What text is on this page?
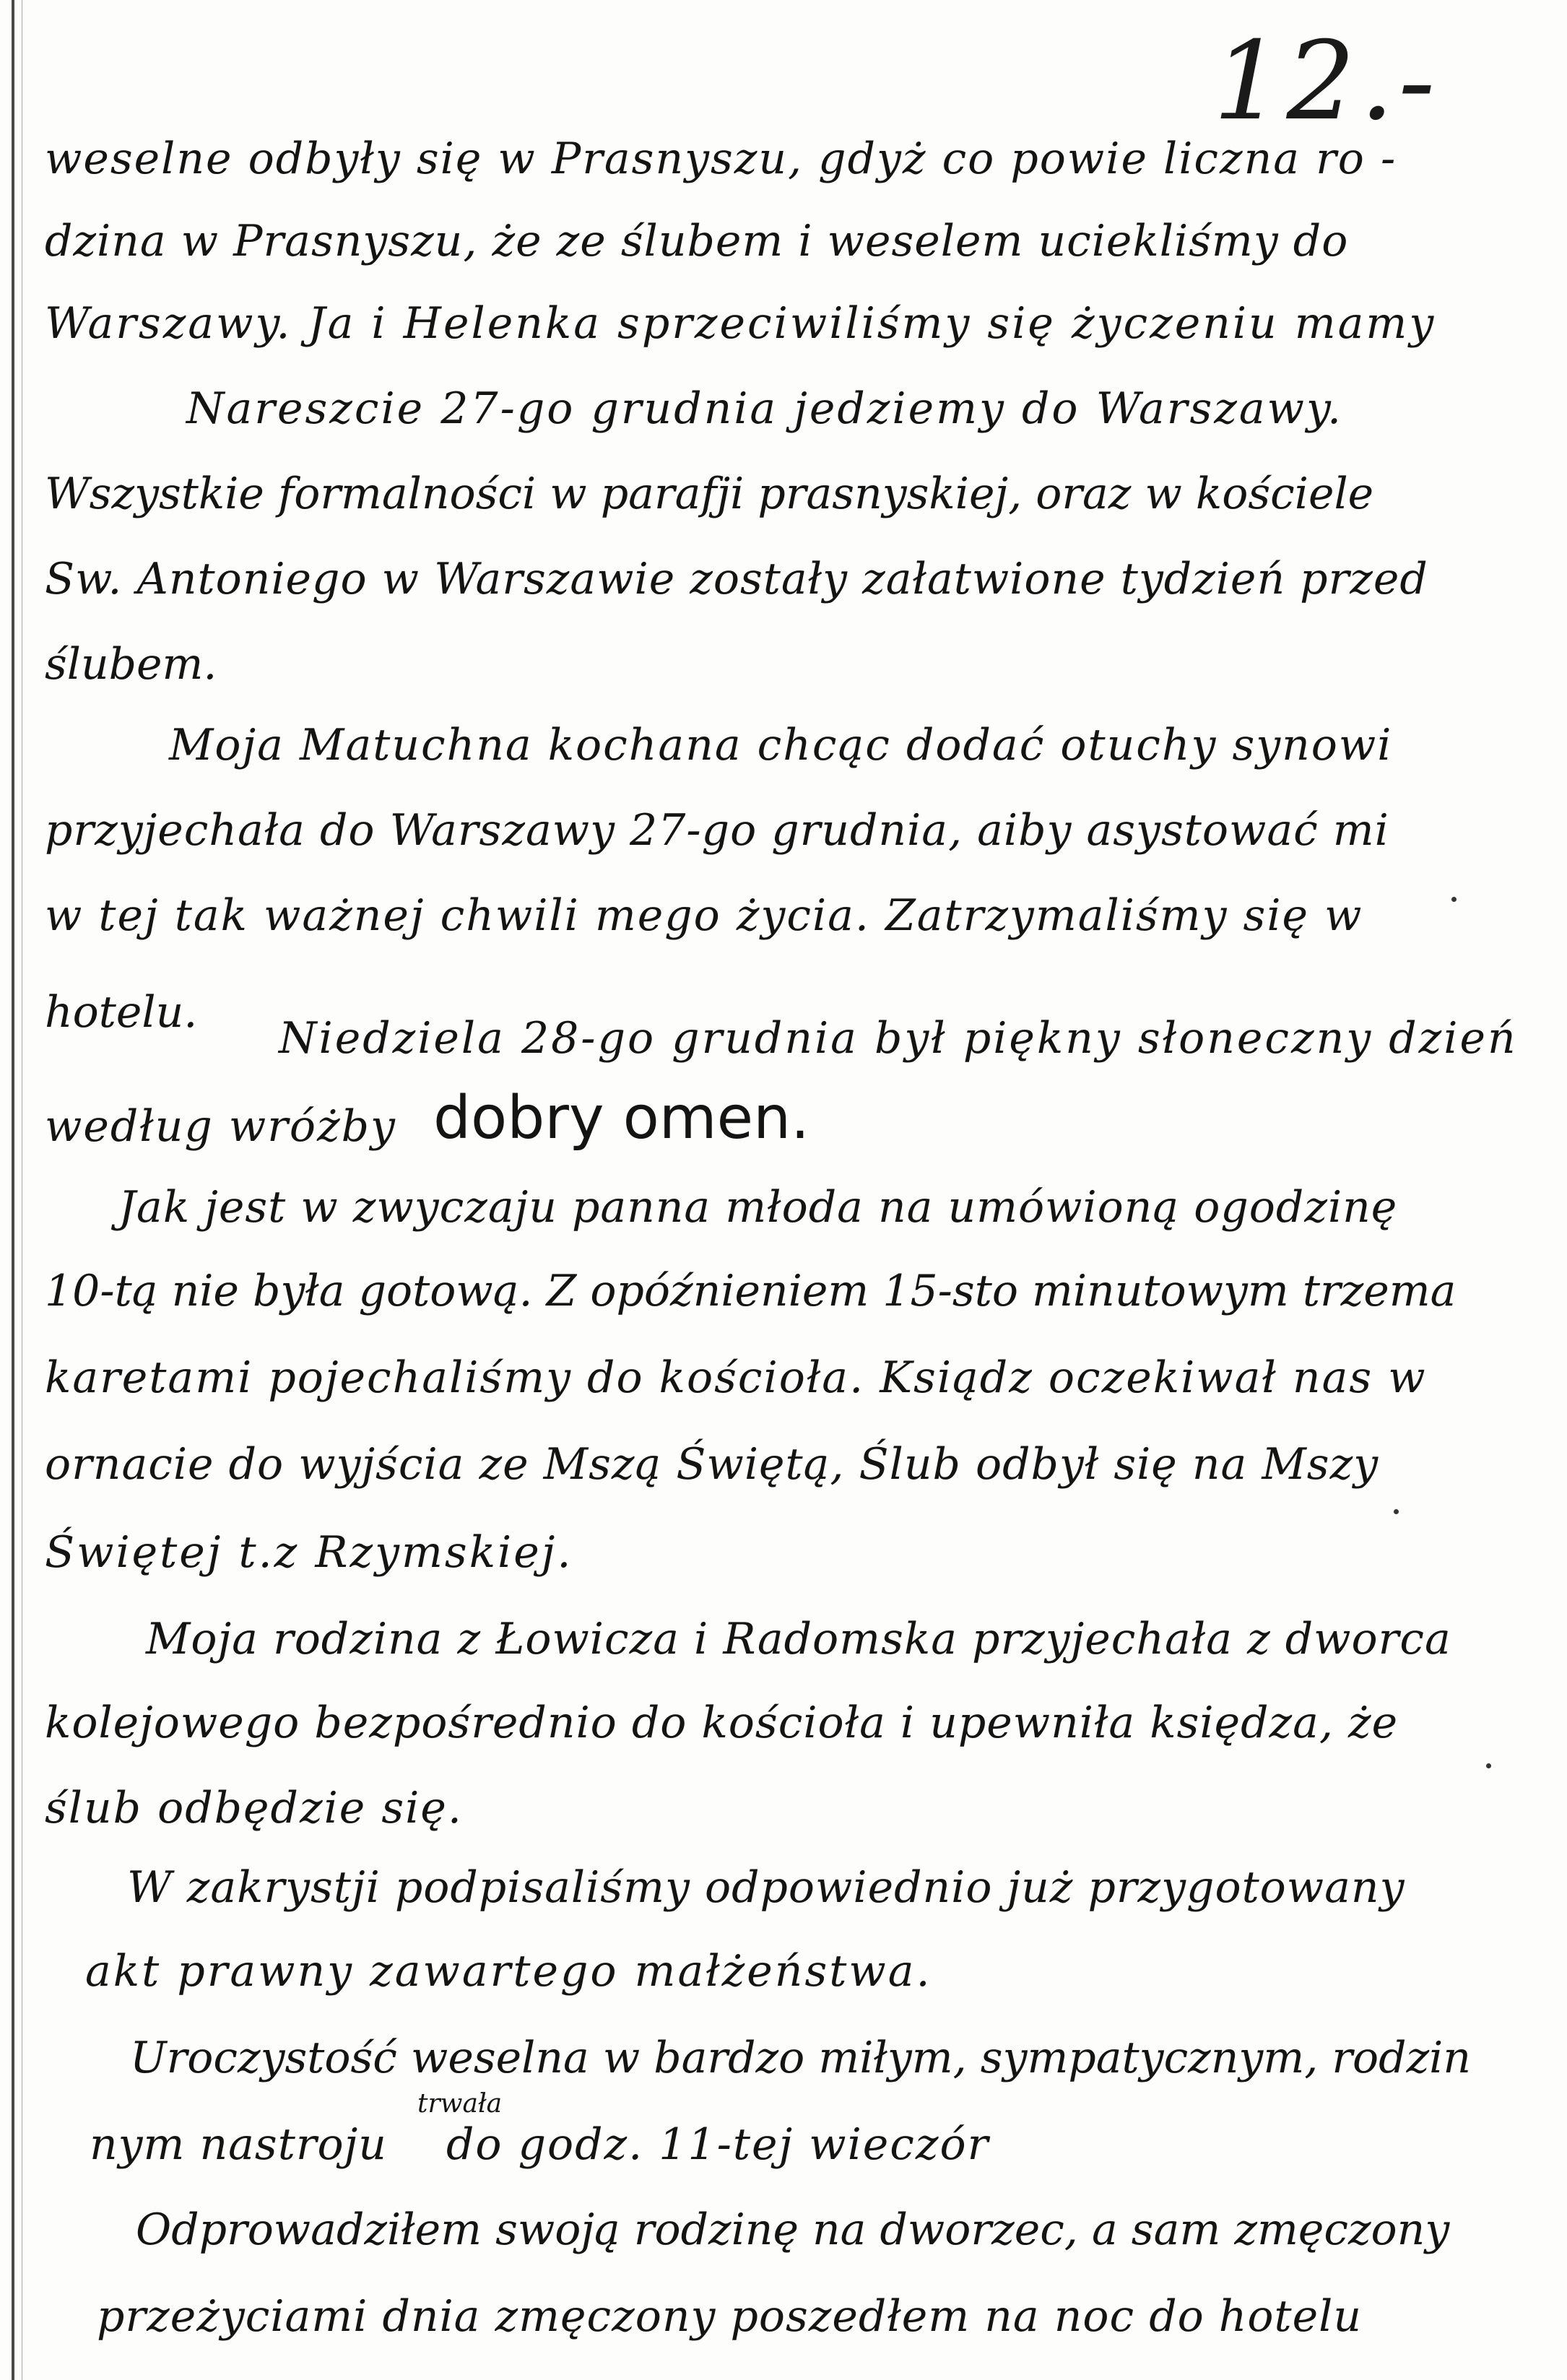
12.-
weselne odbyły się w Prasnyszu, gdyż co powie liczna ro -
dzina w Prasnyszu, że ze ślubem i weselem uciekliśmy do
Warszawy. Ja i Helenka sprzeciwiliśmy się życzeniu mamy
Nareszcie 27-go grudnia jedziemy do Warszawy.
Wszystkie formalności w parafji prasnyskiej, oraz w kościele
Sw. Antoniego w Warszawie zostały załatwione tydzień przed
ślubem.
Moja Matuchna kochana chcąc dodać otuchy synowi
przyjechała do Warszawy 27-go grudnia, aiby asystować mi
w tej tak ważnej chwili mego życia. Zatrzymaliśmy się w
hotelu.
Niedziela 28-go grudnia był piękny słoneczny dzień
według wróżby dobry omen.
Jak jest w zwyczaju panna młoda na umówioną ogodzinę
10-tą nie była gotową. Z opóźnieniem 15-sto minutowym trzema
karetami pojechaliśmy do kościoła. Ksiądz oczekiwał nas w
ornacie do wyjścia ze Mszą Świętą, Ślub odbył się na Mszy
Świętej t.z Rzymskiej.
Moja rodzina z Łowicza i Radomska przyjechała z dworca
kolejowego bezpośrednio do kościoła i upewniła księdza, że
ślub odbędzie się.
W zakrystji podpisaliśmy odpowiednio już przygotowany
akt prawny zawartego małżeństwa.
Uroczystość weselna w bardzo miłym, sympatycznym, rodzin
nym nastroju
trwała
do godz. 11-tej wieczór
Odprowadziłem swoją rodzinę na dworzec, a sam zmęczony
przeżyciami dnia zmęczony poszedłem na noc do hotelu
